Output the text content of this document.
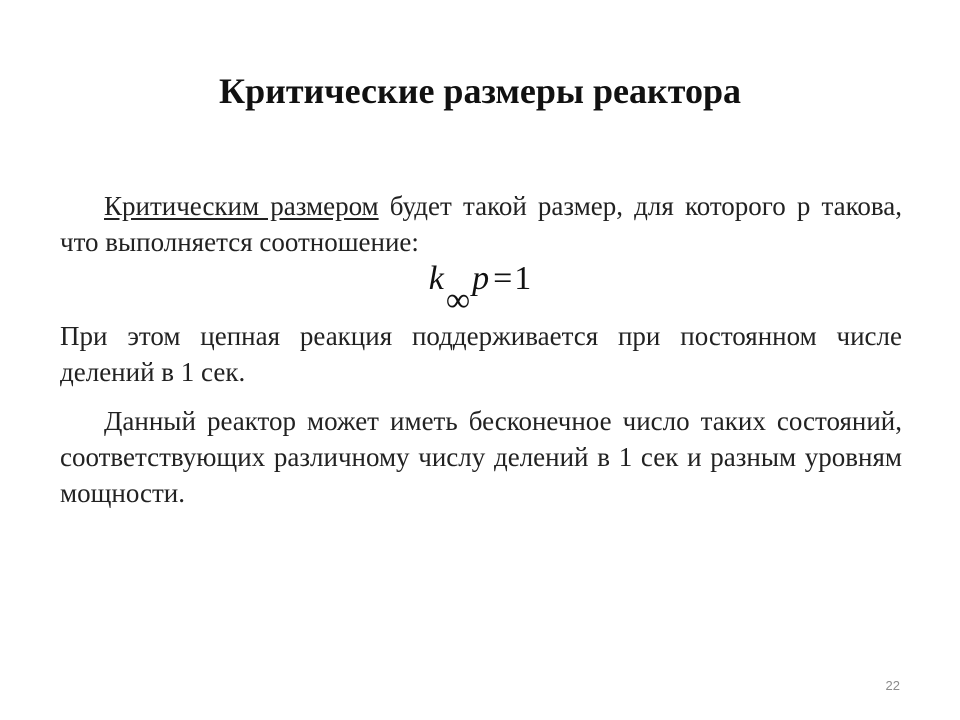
Критические размеры реактора
Критическим размером будет такой размер, для которого p такова, что выполняется соотношение:
k∞p =1
При этом цепная реакция поддерживается при постоянном числе делений в 1 сек.
Данный реактор может иметь бесконечное число таких состояний, соответствующих различному числу делений в 1 сек и разным уровням мощности.
22
